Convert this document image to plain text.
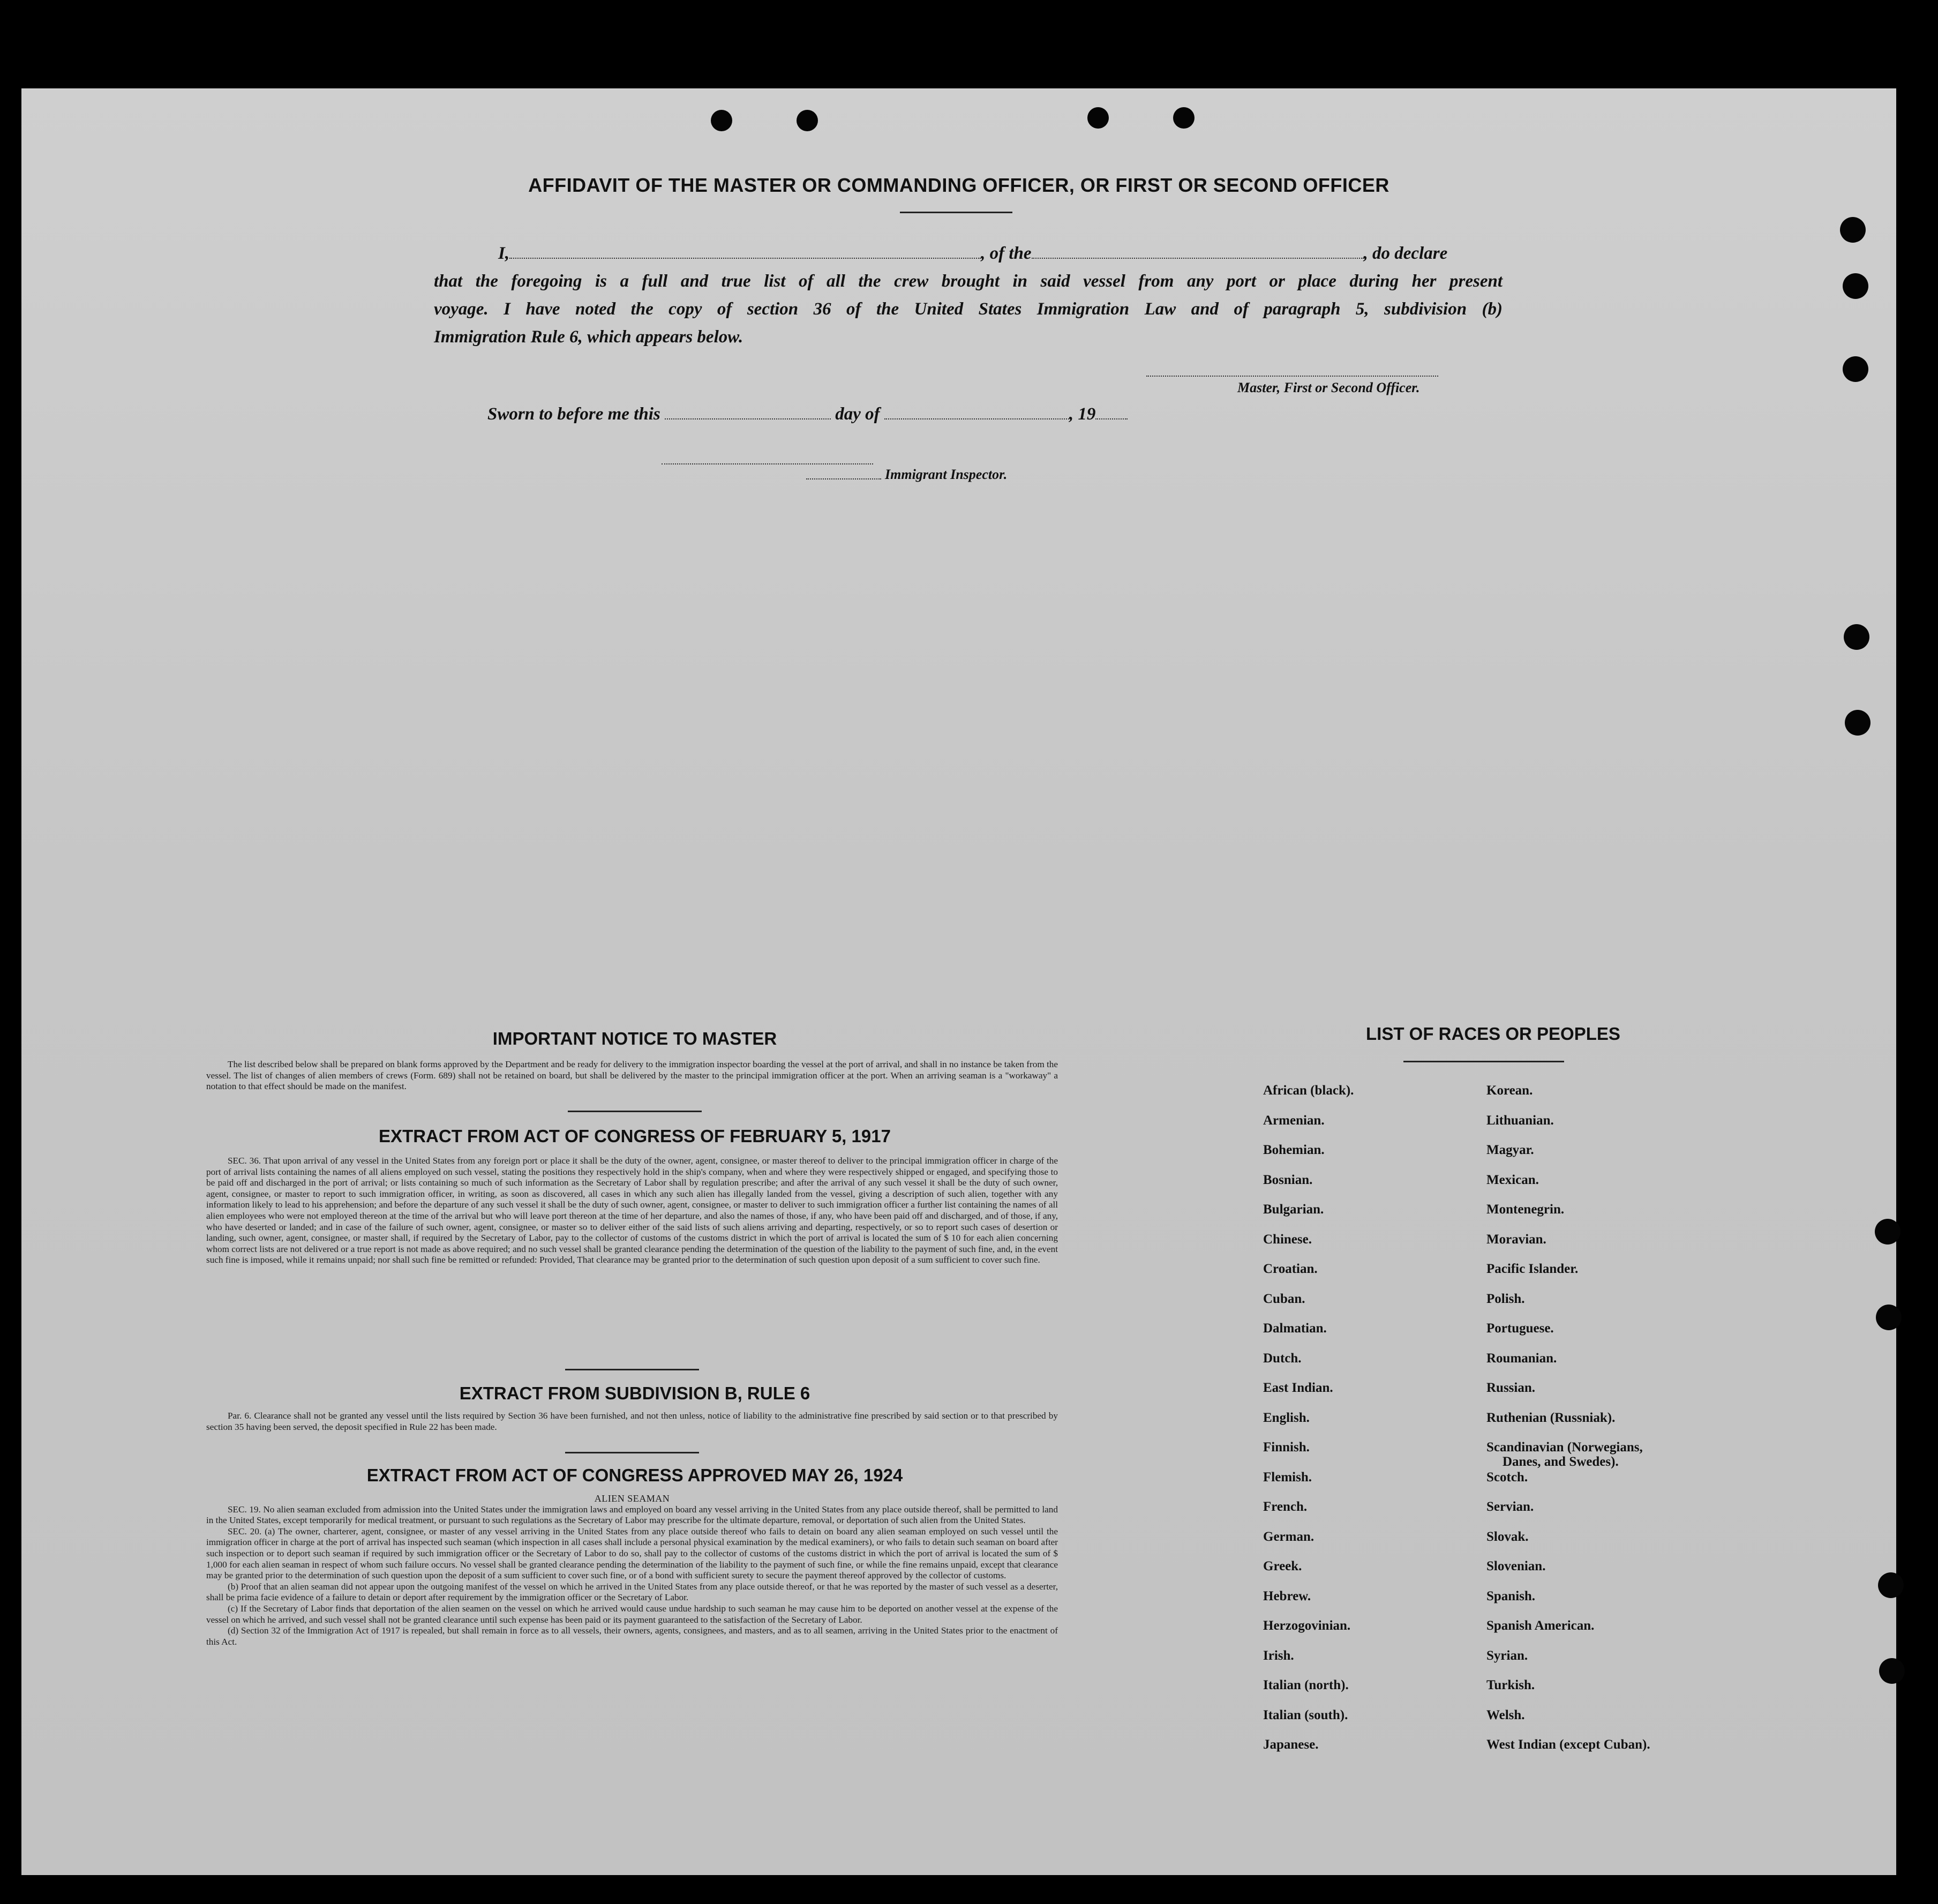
AFFIDAVIT OF THE MASTER OR COMMANDING OFFICER, OR FIRST OR SECOND OFFICER
I,	, of the	, do declare
that the foregoing is a full and true list of all the crew brought in said vessel from any port or place during her present
voyage. I have noted the copy of section 36 of the United States Immigration Law and of paragraph 5, subdivision (b)
Immigration Rule 6, which appears below.
Master, First or Second Officer.
Sworn to before me this	day of	, 19
Immigrant Inspector.
IMPORTANT NOTICE TO MASTER

The list described below shall be prepared on blank forms approved by the Department and be ready for delivery to the immigration inspector boarding the vessel at the port of arrival, and shall in no instance be taken from the vessel. The list of changes of alien members of crews (Form. 689) shall not be retained on board, but shall be delivered by the master to the principal immigration officer at the port. When an arriving seaman is a "workaway" a notation to that effect should be made on the manifest.

EXTRACT FROM ACT OF CONGRESS OF FEBRUARY 5, 1917

SEC. 36. That upon arrival of any vessel in the United States from any foreign port or place it shall be the duty of the owner, agent, consignee, or master thereof to deliver to the principal immigration officer in charge of the port of arrival lists containing the names of all aliens employed on such vessel, stating the positions they respectively hold in the ship's company, when and where they were respectively shipped or engaged, and specifying those to be paid off and discharged in the port of arrival; or lists containing so much of such information as the Secretary of Labor shall by regulation prescribe; and after the arrival of any such vessel it shall be the duty of such owner, agent, consignee, or master to report to such immigration officer, in writing, as soon as discovered, all cases in which any such alien has illegally landed from the vessel, giving a description of such alien, together with any information likely to lead to his apprehension; and before the departure of any such vessel it shall be the duty of such owner, agent, consignee, or master to deliver to such immigration officer a further list containing the names of all alien employees who were not employed thereon at the time of the arrival but who will leave port thereon at the time of her departure, and also the names of those, if any, who have been paid off and discharged, and of those, if any, who have deserted or landed; and in case of the failure of such owner, agent, consignee, or master so to deliver either of the said lists of such aliens arriving and departing, respectively, or so to report such cases of desertion or landing, such owner, agent, consignee, or master shall, if required by the Secretary of Labor, pay to the collector of customs of the customs district in which the port of arrival is located the sum of $ 10 for each alien concerning whom correct lists are not delivered or a true report is not made as above required; and no such vessel shall be granted clearance pending the determination of the question of the liability to the payment of such fine, and, in the event such fine is imposed, while it remains unpaid; nor shall such fine be remitted or refunded: Provided, That clearance may be granted prior to the determination of such question upon deposit of a sum sufficient to cover such fine.

EXTRACT FROM SUBDIVISION B, RULE 6

Par. 6. Clearance shall not be granted any vessel until the lists required by Section 36 have been furnished, and not then unless, notice of liability to the administrative fine prescribed by said section or to that prescribed by section 35 having been served, the deposit specified in Rule 22 has been made.

EXTRACT FROM ACT OF CONGRESS APPROVED MAY 26, 1924

ALIEN SEAMAN

SEC. 19. No alien seaman excluded from admission into the United States under the immigration laws and employed on board any vessel arriving in the United States from any place outside thereof, shall be permitted to land in the United States, except temporarily for medical treatment, or pursuant to such regulations as the Secretary of Labor may prescribe for the ultimate departure, removal, or deportation of such alien from the United States.

SEC. 20. (a) The owner, charterer, agent, consignee, or master of any vessel arriving in the United States from any place outside thereof who fails to detain on board any alien seaman employed on such vessel until the immigration officer in charge at the port of arrival has inspected such seaman (which inspection in all cases shall include a personal physical examination by the medical examiners), or who fails to detain such seaman on board after such inspection or to deport such seaman if required by such immigration officer or the Secretary of Labor to do so, shall pay to the collector of customs of the customs district in which the port of arrival is located the sum of $ 1,000 for each alien seaman in respect of whom such failure occurs. No vessel shall be granted clearance pending the determination of the liability to the payment of such fine, or while the fine remains unpaid, except that clearance may be granted prior to the determination of such question upon the deposit of a sum sufficient to cover such fine, or of a bond with sufficient surety to secure the payment thereof approved by the collector of customs.

(b) Proof that an alien seaman did not appear upon the outgoing manifest of the vessel on which he arrived in the United States from any place outside thereof, or that he was reported by the master of such vessel as a deserter, shall be prima facie evidence of a failure to detain or deport after requirement by the immigration officer or the Secretary of Labor.

(c) If the Secretary of Labor finds that deportation of the alien seamen on the vessel on which he arrived would cause undue hardship to such seaman he may cause him to be deported on another vessel at the expense of the vessel on which he arrived, and such vessel shall not be granted clearance until such expense has been paid or its payment guaranteed to the satisfaction of the Secretary of Labor.

(d) Section 32 of the Immigration Act of 1917 is repealed, but shall remain in force as to all vessels, their owners, agents, consignees, and masters, and as to all seamen, arriving in the United States prior to the enactment of this Act.

LIST OF RACES OR PEOPLES
African (black).
Armenian.
Bohemian.
Bosnian.
Bulgarian.
Chinese.
Croatian.
Cuban.
Dalmatian.
Dutch.
East Indian.
English.
Finnish.
Flemish.
French.
German.
Greek.
Hebrew.
Herzogovinian.
Irish.
Italian (north).
Italian (south).
Japanese.
Korean.
Lithuanian.
Magyar.
Mexican.
Montenegrin.
Moravian.
Pacific Islander.
Polish.
Portuguese.
Roumanian.
Russian.
Ruthenian (Russniak).
Scandinavian (Norwegians,
Danes, and Swedes).
Scotch.
Servian.
Slovak.
Slovenian.
Spanish.
Spanish American.
Syrian.
Turkish.
Welsh.
West Indian (except Cuban).
